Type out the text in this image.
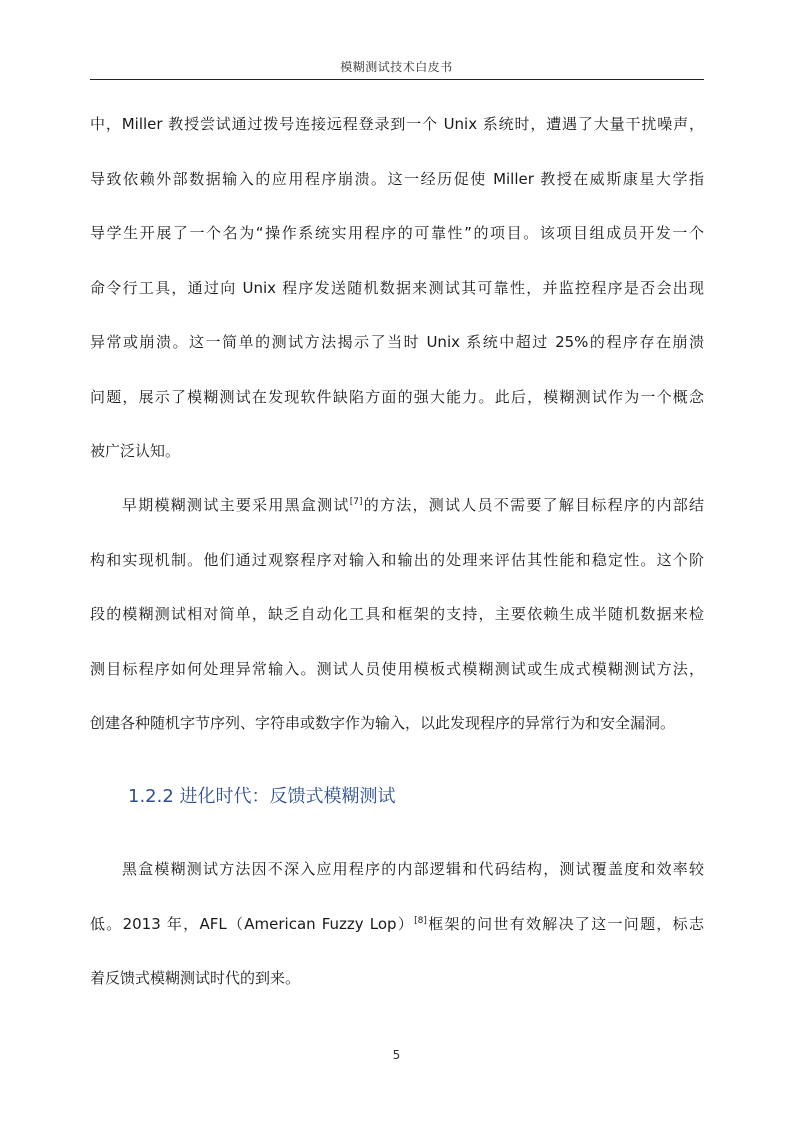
模糊测试技术白皮书
中，Miller 教授尝试通过拨号连接远程登录到一个 Unix 系统时，遭遇了大量干扰噪声，
导致依赖外部数据输入的应用程序崩溃。这一经历促使 Miller 教授在威斯康星大学指
导学生开展了一个名为“操作系统实用程序的可靠性”的项目。该项目组成员开发一个
命令行工具，通过向 Unix 程序发送随机数据来测试其可靠性，并监控程序是否会出现
异常或崩溃。这一简单的测试方法揭示了当时 Unix 系统中超过 25%的程序存在崩溃
问题，展示了模糊测试在发现软件缺陷方面的强大能力。此后，模糊测试作为一个概念
被广泛认知。
早期模糊测试主要采用黑盒测试[7]的方法，测试人员不需要了解目标程序的内部结
构和实现机制。他们通过观察程序对输入和输出的处理来评估其性能和稳定性。这个阶
段的模糊测试相对简单，缺乏自动化工具和框架的支持，主要依赖生成半随机数据来检
测目标程序如何处理异常输入。测试人员使用模板式模糊测试或生成式模糊测试方法，
创建各种随机字节序列、字符串或数字作为输入，以此发现程序的异常行为和安全漏洞。
1.2.2 进化时代：反馈式模糊测试
黑盒模糊测试方法因不深入应用程序的内部逻辑和代码结构，测试覆盖度和效率较
低。2013 年，AFL（American Fuzzy Lop）[8]框架的问世有效解决了这一问题，标志
着反馈式模糊测试时代的到来。
5
